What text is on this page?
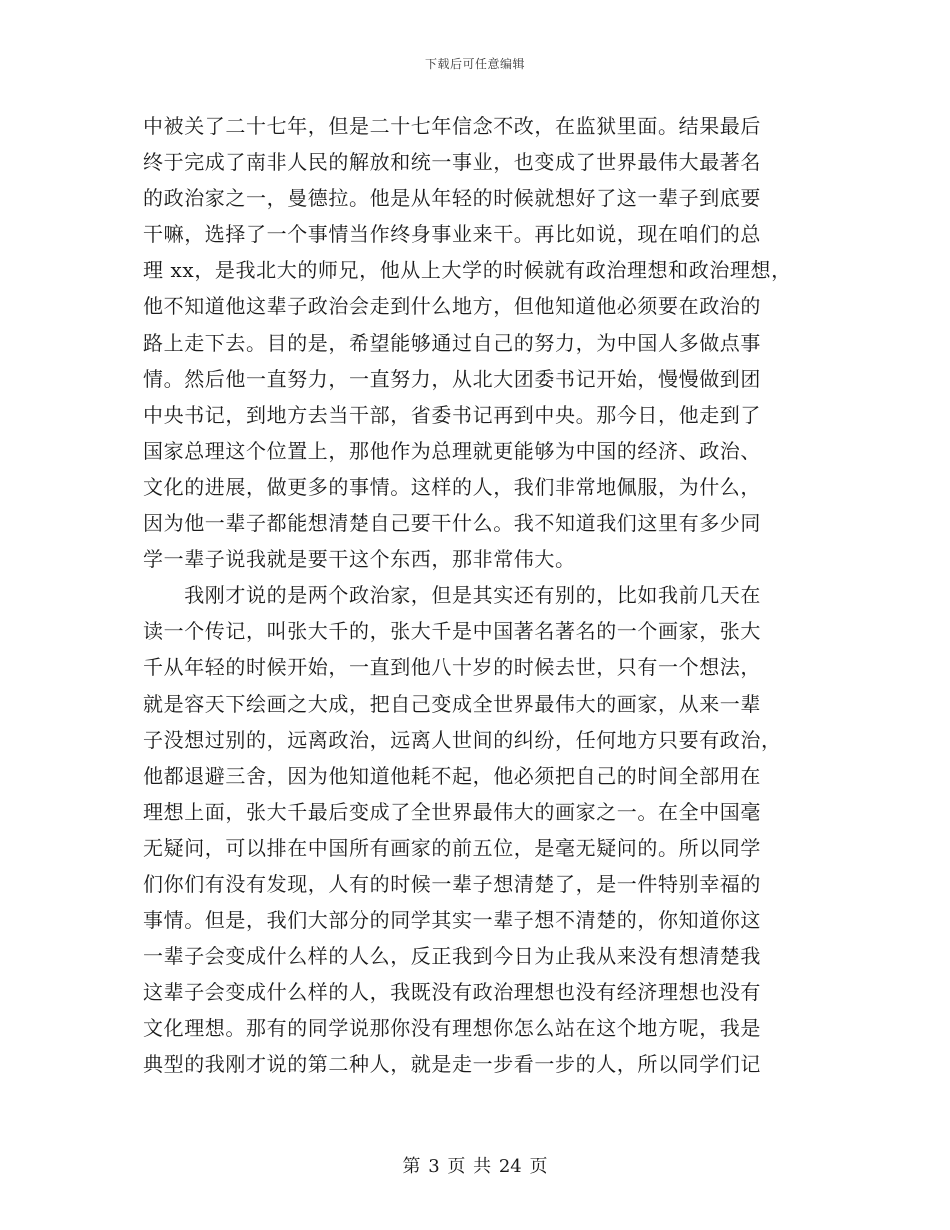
下载后可任意编辑
中被关了二十七年，但是二十七年信念不改，在监狱里面。结果最后
终于完成了南非人民的解放和统一事业，也变成了世界最伟大最著名
的政治家之一，曼德拉。他是从年轻的时候就想好了这一辈子到底要
干嘛，选择了一个事情当作终身事业来干。再比如说，现在咱们的总
理 xx，是我北大的师兄，他从上大学的时候就有政治理想和政治理想，
他不知道他这辈子政治会走到什么地方，但他知道他必须要在政治的
路上走下去。目的是，希望能够通过自己的努力，为中国人多做点事
情。然后他一直努力，一直努力，从北大团委书记开始，慢慢做到团
中央书记，到地方去当干部，省委书记再到中央。那今日，他走到了
国家总理这个位置上，那他作为总理就更能够为中国的经济、政治、
文化的进展，做更多的事情。这样的人，我们非常地佩服，为什么，
因为他一辈子都能想清楚自己要干什么。我不知道我们这里有多少同
学一辈子说我就是要干这个东西，那非常伟大。
　　我刚才说的是两个政治家，但是其实还有别的，比如我前几天在
读一个传记，叫张大千的，张大千是中国著名著名的一个画家，张大
千从年轻的时候开始，一直到他八十岁的时候去世，只有一个想法，
就是容天下绘画之大成，把自己变成全世界最伟大的画家，从来一辈
子没想过别的，远离政治，远离人世间的纠纷，任何地方只要有政治，
他都退避三舍，因为他知道他耗不起，他必须把自己的时间全部用在
理想上面，张大千最后变成了全世界最伟大的画家之一。在全中国毫
无疑问，可以排在中国所有画家的前五位，是毫无疑问的。所以同学
们你们有没有发现，人有的时候一辈子想清楚了，是一件特别幸福的
事情。但是，我们大部分的同学其实一辈子想不清楚的，你知道你这
一辈子会变成什么样的人么，反正我到今日为止我从来没有想清楚我
这辈子会变成什么样的人，我既没有政治理想也没有经济理想也没有
文化理想。那有的同学说那你没有理想你怎么站在这个地方呢，我是
典型的我刚才说的第二种人，就是走一步看一步的人，所以同学们记
第 3 页 共 24 页
